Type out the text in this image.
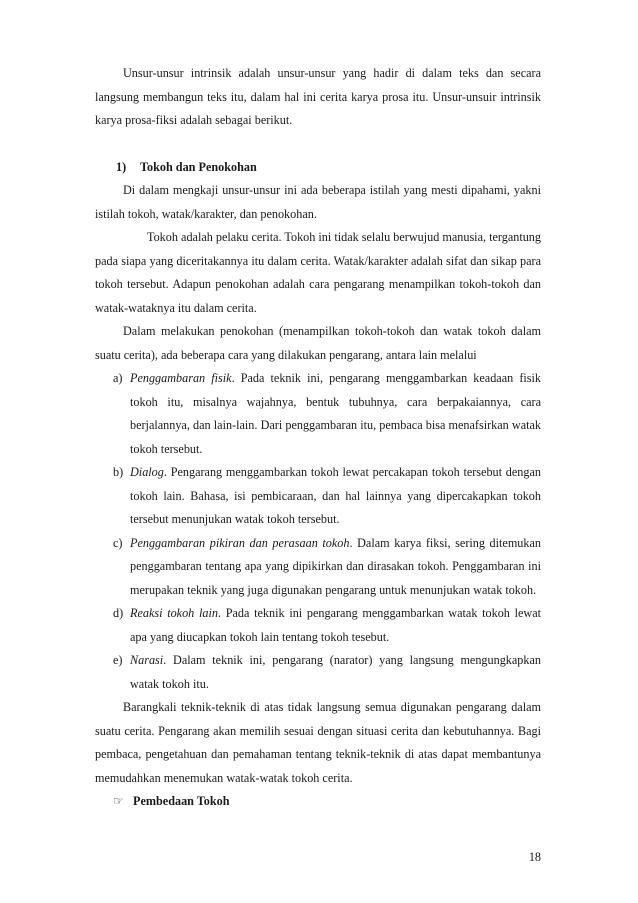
Unsur-unsur intrinsik adalah unsur-unsur yang hadir di dalam teks dan secara langsung membangun teks itu, dalam hal ini cerita karya prosa itu. Unsur-unsuir intrinsik karya prosa-fiksi adalah sebagai berikut.

1) Tokoh dan Penokohan

Di dalam mengkaji unsur-unsur ini ada beberapa istilah yang mesti dipahami, yakni istilah tokoh, watak/karakter, dan penokohan.

Tokoh adalah pelaku cerita. Tokoh ini tidak selalu berwujud manusia, tergantung pada siapa yang diceritakannya itu dalam cerita. Watak/karakter adalah sifat dan sikap para tokoh tersebut. Adapun penokohan adalah cara pengarang menampilkan tokoh-tokoh dan watak-wataknya itu dalam cerita.

Dalam melakukan penokohan (menampilkan tokoh-tokoh dan watak tokoh dalam suatu cerita), ada beberapa cara yang dilakukan pengarang, antara lain melalui

a) Penggambaran fisik. Pada teknik ini, pengarang menggambarkan keadaan fisik tokoh itu, misalnya wajahnya, bentuk tubuhnya, cara berpakaiannya, cara berjalannya, dan lain-lain. Dari penggambaran itu, pembaca bisa menafsirkan watak tokoh tersebut.
b) Dialog. Pengarang menggambarkan tokoh lewat percakapan tokoh tersebut dengan tokoh lain. Bahasa, isi pembicaraan, dan hal lainnya yang dipercakapkan tokoh tersebut menunjukan watak tokoh tersebut.
c) Penggambaran pikiran dan perasaan tokoh. Dalam karya fiksi, sering ditemukan penggambaran tentang apa yang dipikirkan dan dirasakan tokoh. Penggambaran ini merupakan teknik yang juga digunakan pengarang untuk menunjukan watak tokoh.
d) Reaksi tokoh lain. Pada teknik ini pengarang menggambarkan watak tokoh lewat apa yang diucapkan tokoh lain tentang tokoh tesebut.
e) Narasi. Dalam teknik ini, pengarang (narator) yang langsung mengungkapkan watak tokoh itu.

Barangkali teknik-teknik di atas tidak langsung semua digunakan pengarang dalam suatu cerita. Pengarang akan memilih sesuai dengan situasi cerita dan kebutuhannya. Bagi pembaca, pengetahuan dan pemahaman tentang teknik-teknik di atas dapat membantunya memudahkan menemukan watak-watak tokoh cerita.

☞ Pembedaan Tokoh

18
